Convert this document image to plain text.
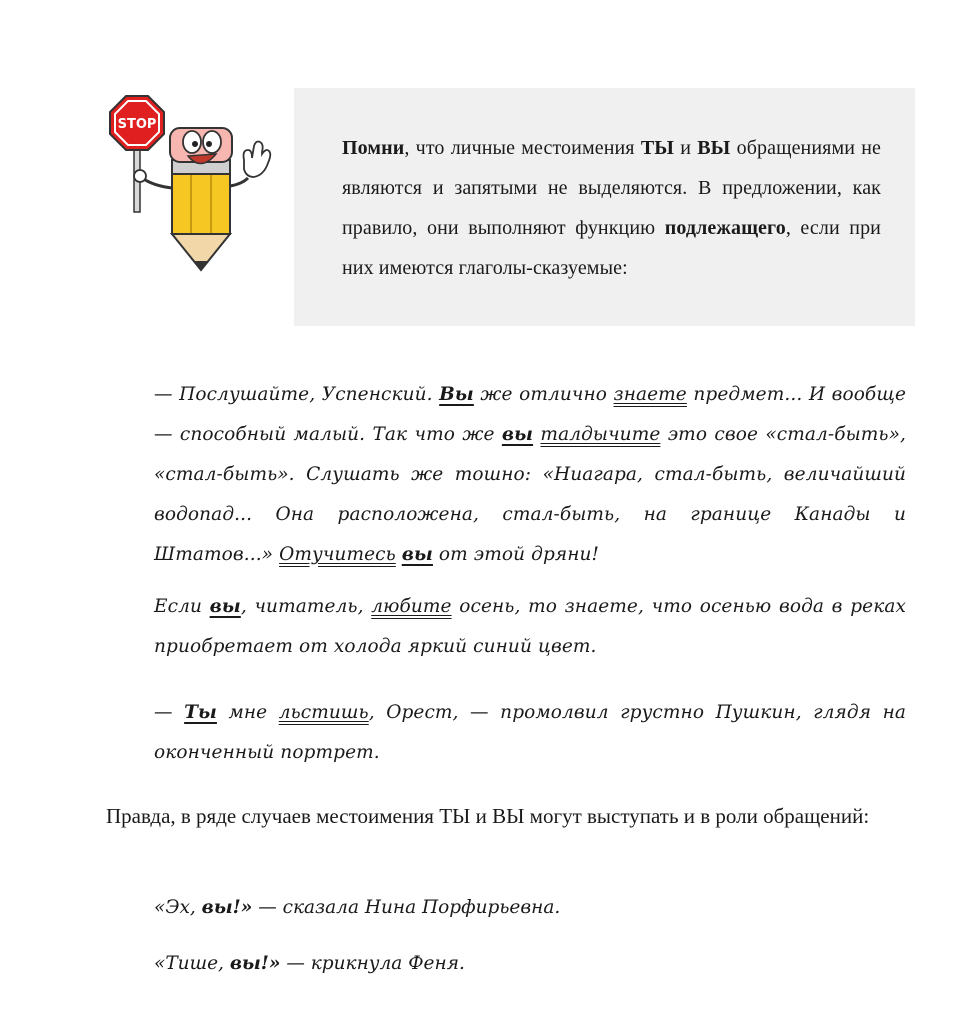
STOP
Помни, что личные местоимения ТЫ и ВЫ обращениями не являются и запятыми не выделяются. В предложении, как правило, они выполняют функцию подлежащего, если при них имеются глаголы-сказуемые:
— Послушайте, Успенский. Вы же отлично знаете предмет... И вообще — способный малый. Так что же вы талдычите это свое «стал-быть», «стал-быть». Слушать же тошно: «Ниагара, стал-быть, величайший водопад... Она расположена, стал-быть, на границе Канады и Штатов...» Отучитесь вы от этой дряни!
Если вы, читатель, любите осень, то знаете, что осенью вода в реках приобретает от холода яркий синий цвет.
— Ты мне льстишь, Орест, — промолвил грустно Пушкин, глядя на оконченный портрет.
Правда, в ряде случаев местоимения ТЫ и ВЫ могут выступать и в роли обращений:
«Эх, вы!» — сказала Нина Порфирьевна.
«Тише, вы!» — крикнула Феня.
